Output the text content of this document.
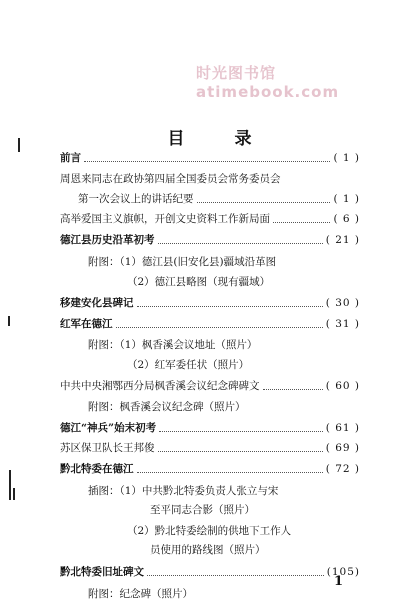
时光图书馆 atimebook.com
目 录
前言	( 1 )
周恩来同志在政协第四届全国委员会常务委员会
第一次会议上的讲话纪要	( 1 )
高举爱国主义旗帜，开创文史资料工作新局面	( 6 )
德江县历史沿革初考	( 21 )
附图：（1）德江县(旧安化县)疆域沿革图
（2）德江县略图（现有疆域）
移建安化县碑记	( 30 )
红军在德江	( 31 )
附图：（1）枫香溪会议地址（照片）
（2）红军委任状（照片）
中共中央湘鄂西分局枫香溪会议纪念碑碑文	( 60 )
附图：枫香溪会议纪念碑（照片）
德江“神兵”始末初考	( 61 )
苏区保卫队长王邦俊	( 69 )
黔北特委在德江	( 72 )
插图：（1）中共黔北特委负责人张立与宋
至平同志合影（照片）
（2）黔北特委绘制的供地下工作人
员使用的路线图（照片）
黔北特委旧址碑文	(105)
附图：纪念碑（照片）
1
